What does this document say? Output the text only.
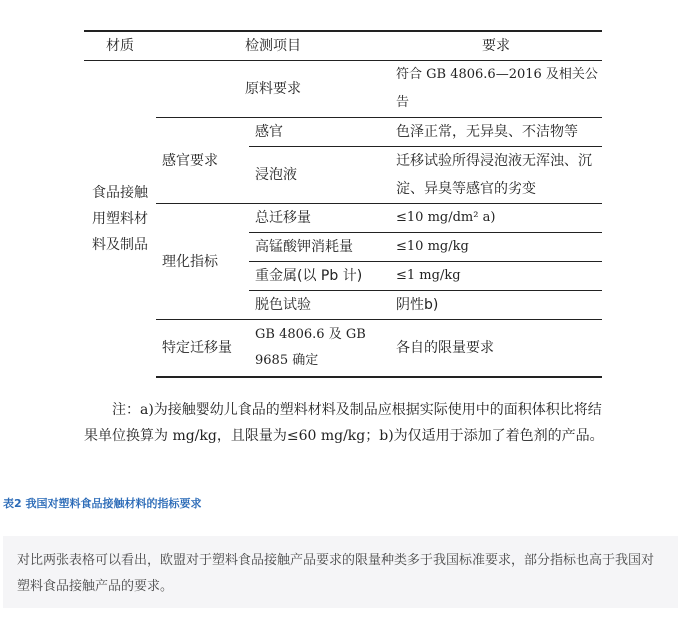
材质	检测项目		要求
食品接触用塑料材料及制品	原料要求		符合 GB 4806.6—2016 及相关公告
	感官要求	感官	色泽正常，无异臭、不洁物等
		浸泡液	迁移试验所得浸泡液无浑浊、沉淀、异臭等感官的劣变
	理化指标	总迁移量	≤10 mg/dm² a)
		高锰酸钾消耗量	≤10 mg/kg
		重金属(以 Pb 计)	≤1 mg/kg
		脱色试验	阴性b)
	特定迁移量	GB 4806.6 及 GB 9685 确定	各自的限量要求
注：a)为接触婴幼儿食品的塑料材料及制品应根据实际使用中的面积体积比将结果单位换算为 mg/kg，且限量为≤60 mg/kg；b)为仅适用于添加了着色剂的产品。
表2 我国对塑料食品接触材料的指标要求
对比两张表格可以看出，欧盟对于塑料食品接触产品要求的限量种类多于我国标准要求，部分指标也高于我国对塑料食品接触产品的要求。
